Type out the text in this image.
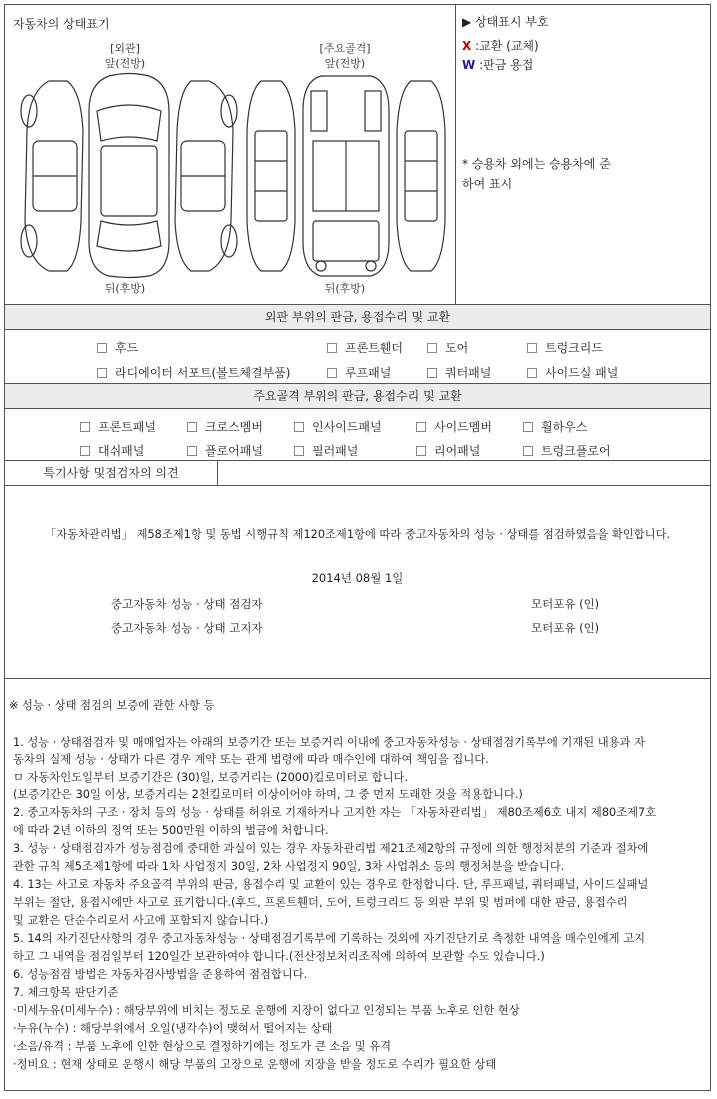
자동차의 상태표기
[외관]
앞(전방)
[주요골격]
앞(전방)
뒤(후방)	뒤(후방)
▶ 상태표시 부호
X :교환 (교체)
W :판금 용접
* 승용차 외에는 승용차에 준
하여 표시
외판 부위의 판금, 용접수리 및 교환
후드	프론트휀더	도어	트렁크리드
라디에이터 서포트(볼트체결부품)	루프패널	쿼터패널	사이드실 패널
주요골격 부위의 판금, 용접수리 및 교환
프론트패널	크로스멤버	인사이드패널	사이드멤버	휠하우스
대쉬패널	플로어패널	필러패널	리어패널	트렁크플로어
특기사항 및점검자의 의견
「자동차관리법」 제58조제1항 및 동법 시행규칙 제120조제1항에 따라 중고자동차의 성능 · 상태를 점검하였음을 확인합니다.
2014년 08월 1일
중고자동차 성능 · 상태 점검자	모터포유 (인)
중고자동차 성능 · 상태 고지자	모터포유 (인)

※ 성능 · 상태 점검의 보증에 관한 사항 등

1. 성능 · 상태점검자 및 매매업자는 아래의 보증기간 또는 보증거리 이내에 중고자동차성능 · 상태점검기록부에 기재된 내용과 자

동차의 실제 성능 · 상태가 다른 경우 계약 또는 관계 법령에 따라 매수인에 대하여 책임을 집니다.

ㅁ 자동차인도일부터 보증기간은 (30)일, 보증거리는 (2000)킬로미터로 합니다.

(보증기간은 30일 이상, 보증거리는 2천킬로미터 이상이어야 하며, 그 중 먼저 도래한 것을 적용합니다.)

2. 중고자동차의 구조 · 장치 등의 성능 · 상태를 허위로 기재하거나 고지한 자는 「자동차관리법」 제80조제6호 내지 제80조제7호

에 따라 2년 이하의 징역 또는 500만원 이하의 벌금에 처합니다.

3. 성능 · 상태점검자가 성능점검에 중대한 과실이 있는 경우 자동차관리법 제21조제2항의 규정에 의한 행정처분의 기준과 절차에

관한 규칙 제5조제1항에 따라 1차 사업정지 30일, 2차 사업정지 90일, 3차 사업취소 등의 행정처분을 받습니다.

4. 13는 사고로 자동차 주요골격 부위의 판금, 용접수리 및 교환이 있는 경우로 한정합니다. 단, 루프패널, 쿼터패널, 사이드실패널

부위는 절단, 용접시에만 사고로 표기합니다.(후드, 프론트휀더, 도어, 트렁크리드 등 외판 부위 및 범퍼에 대한 판금, 용접수리

및 교환은 단순수리로서 사고에 포함되지 않습니다.)

5. 14의 자기진단사항의 경우 중고자동차성능 · 상태점검기록부에 기록하는 것외에 자기진단기로 측정한 내역을 매수인에게 고지

하고 그 내역을 점검일부터 120일간 보관하여야 합니다.(전산정보처리조직에 의하여 보관할 수도 있습니다.)

6. 성능점검 방법은 자동차검사방법을 준용하여 점검합니다.

7. 체크항목 판단기준

·미세누유(미세누수) : 해당부위에 비치는 정도로 운행에 지장이 없다고 인정되는 부품 노후로 인한 현상

·누유(누수) : 해당부위에서 오일(냉각수)이 맺혀서 떨어지는 상태

·소음/유격 : 부품 노후에 인한 현상으로 결정하기에는 정도가 큰 소음 및 유격

·정비요 : 현재 상태로 운행시 해당 부품의 고장으로 운행에 지장을 받을 정도로 수리가 필요한 상태
